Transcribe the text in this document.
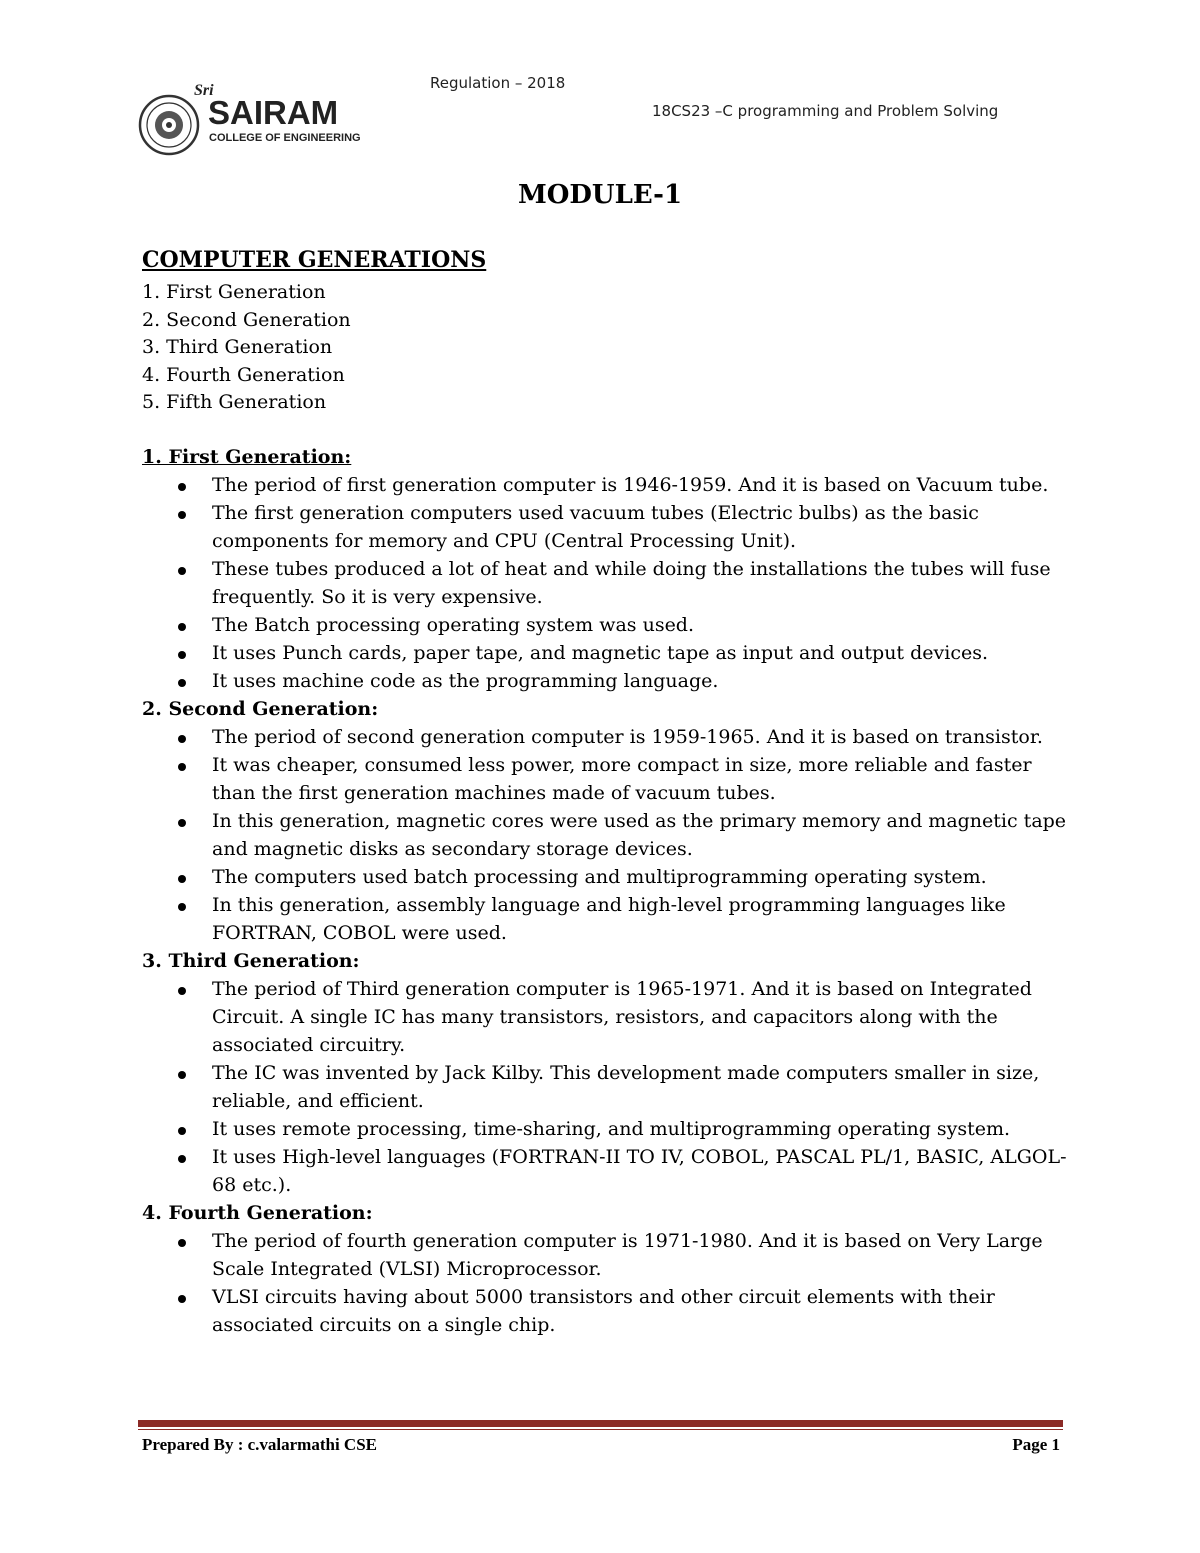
Sri
SAIRAM
COLLEGE OF ENGINEERING
Regulation – 2018
18CS23 –C programming and Problem Solving
MODULE-1
COMPUTER GENERATIONS
1. First Generation
2. Second Generation
3. Third Generation
4. Fourth Generation
5. Fifth Generation
1. First Generation:
The period of first generation computer is 1946-1959. And it is based on Vacuum tube.
The first generation computers used vacuum tubes (Electric bulbs) as the basic components for memory and CPU (Central Processing Unit).
These tubes produced a lot of heat and while doing the installations the tubes will fuse frequently. So it is very expensive.
The Batch processing operating system was used.
It uses Punch cards, paper tape, and magnetic tape as input and output devices.
It uses machine code as the programming language.
2. Second Generation:
The period of second generation computer is 1959-1965. And it is based on transistor.
It was cheaper, consumed less power, more compact in size, more reliable and faster than the first generation machines made of vacuum tubes.
In this generation, magnetic cores were used as the primary memory and magnetic tape and magnetic disks as secondary storage devices.
The computers used batch processing and multiprogramming operating system.
In this generation, assembly language and high-level programming languages like FORTRAN, COBOL were used.
3. Third Generation:
The period of Third generation computer is 1965-1971. And it is based on Integrated Circuit. A single IC has many transistors, resistors, and capacitors along with the associated circuitry.
The IC was invented by Jack Kilby. This development made computers smaller in size, reliable, and efficient.
It uses remote processing, time-sharing, and multiprogramming operating system.
It uses High-level languages (FORTRAN-II TO IV, COBOL, PASCAL PL/1, BASIC, ALGOL-68 etc.).
4. Fourth Generation:
The period of fourth generation computer is 1971-1980. And it is based on Very Large Scale Integrated (VLSI) Microprocessor.
VLSI circuits having about 5000 transistors and other circuit elements with their associated circuits on a single chip.
Prepared By : c.valarmathi CSE	Page 1
